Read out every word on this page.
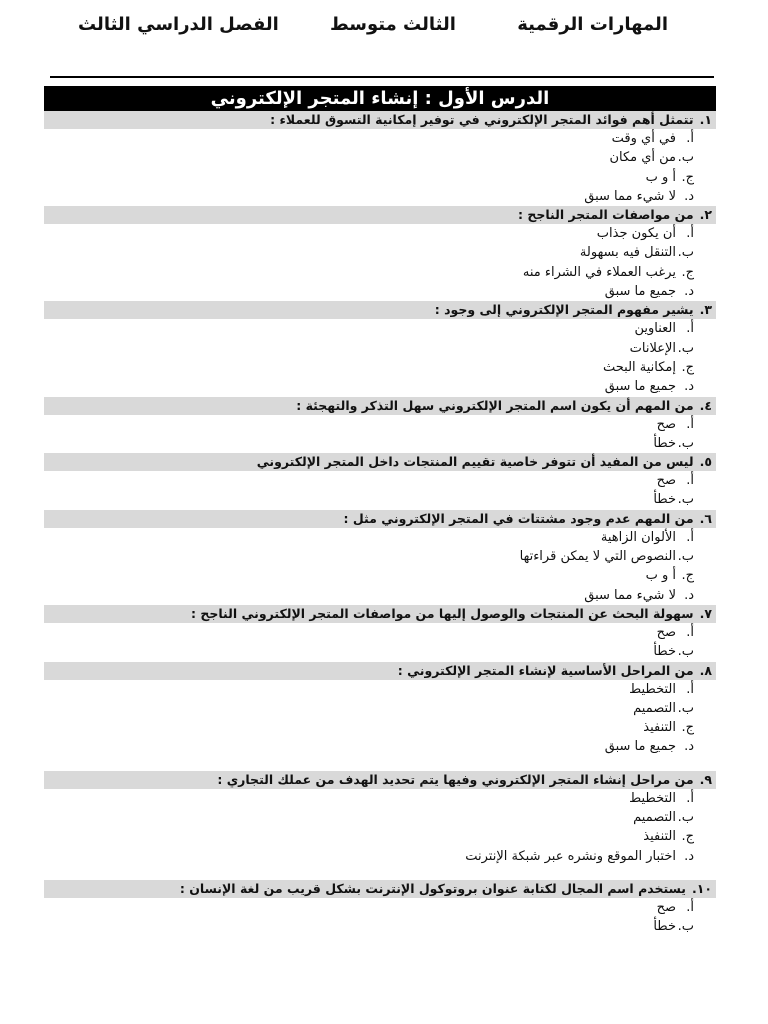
المهارات الرقمية
الثالث متوسط
الفصل الدراسي الثالث
الدرس الأول : إنشاء المتجر الإلكتروني
١.تتمثل أهم فوائد المتجر الإلكتروني في توفير إمكانية التسوق للعملاء :
أ.في أي وقت
ب.من أي مكان
ج.أ و ب
د.لا شيء مما سبق
٢.من مواصفات المتجر الناجح :
أ.أن يكون جذاب
ب.التنقل فيه بسهولة
ج.يرغب العملاء في الشراء منه
د.جميع ما سبق
٣.يشير مفهوم المتجر الإلكتروني إلى وجود :
أ.العناوين
ب.الإعلانات
ج.إمكانية البحث
د.جميع ما سبق
٤.من المهم أن يكون اسم المتجر الإلكتروني سهل التذكر والتهجئة :
أ.صح
ب.خطأ
٥.ليس من المفيد أن تتوفر خاصية تقييم المنتجات داخل المتجر الإلكتروني
أ.صح
ب.خطأ
٦.من المهم عدم وجود مشتتات في المتجر الإلكتروني مثل :
أ.الألوان الزاهية
ب.النصوص التي لا يمكن قراءتها
ج.أ و ب
د.لا شيء مما سبق
٧.سهولة البحث عن المنتجات والوصول إليها من مواصفات المتجر الإلكتروني الناجح :
أ.صح
ب.خطأ
٨.من المراحل الأساسية لإنشاء المتجر الإلكتروني :
أ.التخطيط
ب.التصميم
ج.التنفيذ
د.جميع ما سبق
٩.من مراحل إنشاء المتجر الإلكتروني وفيها يتم تحديد الهدف من عملك التجاري :
أ.التخطيط
ب.التصميم
ج.التنفيذ
د.اختبار الموقع ونشره عبر شبكة الإنترنت
١٠.يستخدم اسم المجال لكتابة عنوان بروتوكول الإنترنت بشكل قريب من لغة الإنسان :
أ.صح
ب.خطأ
